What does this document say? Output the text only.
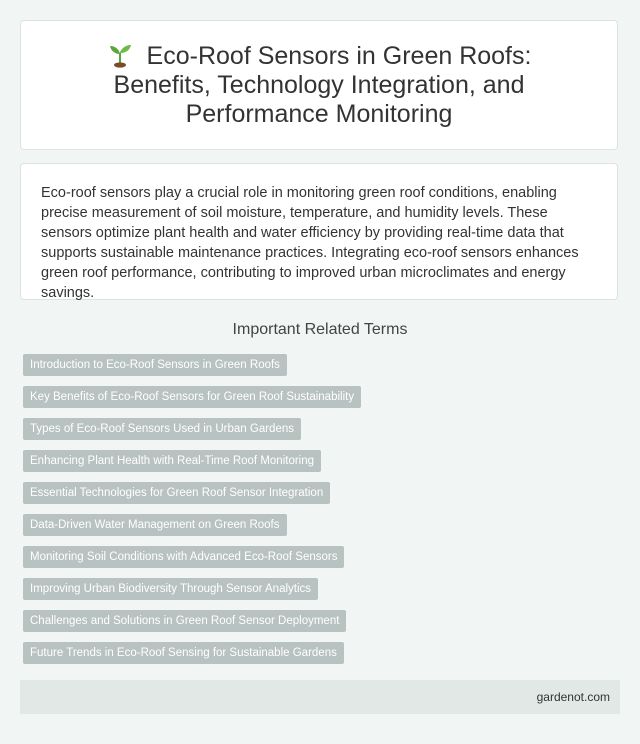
Eco-Roof Sensors in Green Roofs: Benefits, Technology Integration, and Performance Monitoring

Eco-roof sensors play a crucial role in monitoring green roof conditions, enabling precise measurement of soil moisture, temperature, and humidity levels. These sensors optimize plant health and water efficiency by providing real-time data that supports sustainable maintenance practices. Integrating eco-roof sensors enhances green roof performance, contributing to improved urban microclimates and energy savings.

Important Related Terms
Introduction to Eco-Roof Sensors in Green Roofs
Key Benefits of Eco-Roof Sensors for Green Roof Sustainability
Types of Eco-Roof Sensors Used in Urban Gardens
Enhancing Plant Health with Real-Time Roof Monitoring
Essential Technologies for Green Roof Sensor Integration
Data-Driven Water Management on Green Roofs
Monitoring Soil Conditions with Advanced Eco-Roof Sensors
Improving Urban Biodiversity Through Sensor Analytics
Challenges and Solutions in Green Roof Sensor Deployment
Future Trends in Eco-Roof Sensing for Sustainable Gardens
gardenot.com
